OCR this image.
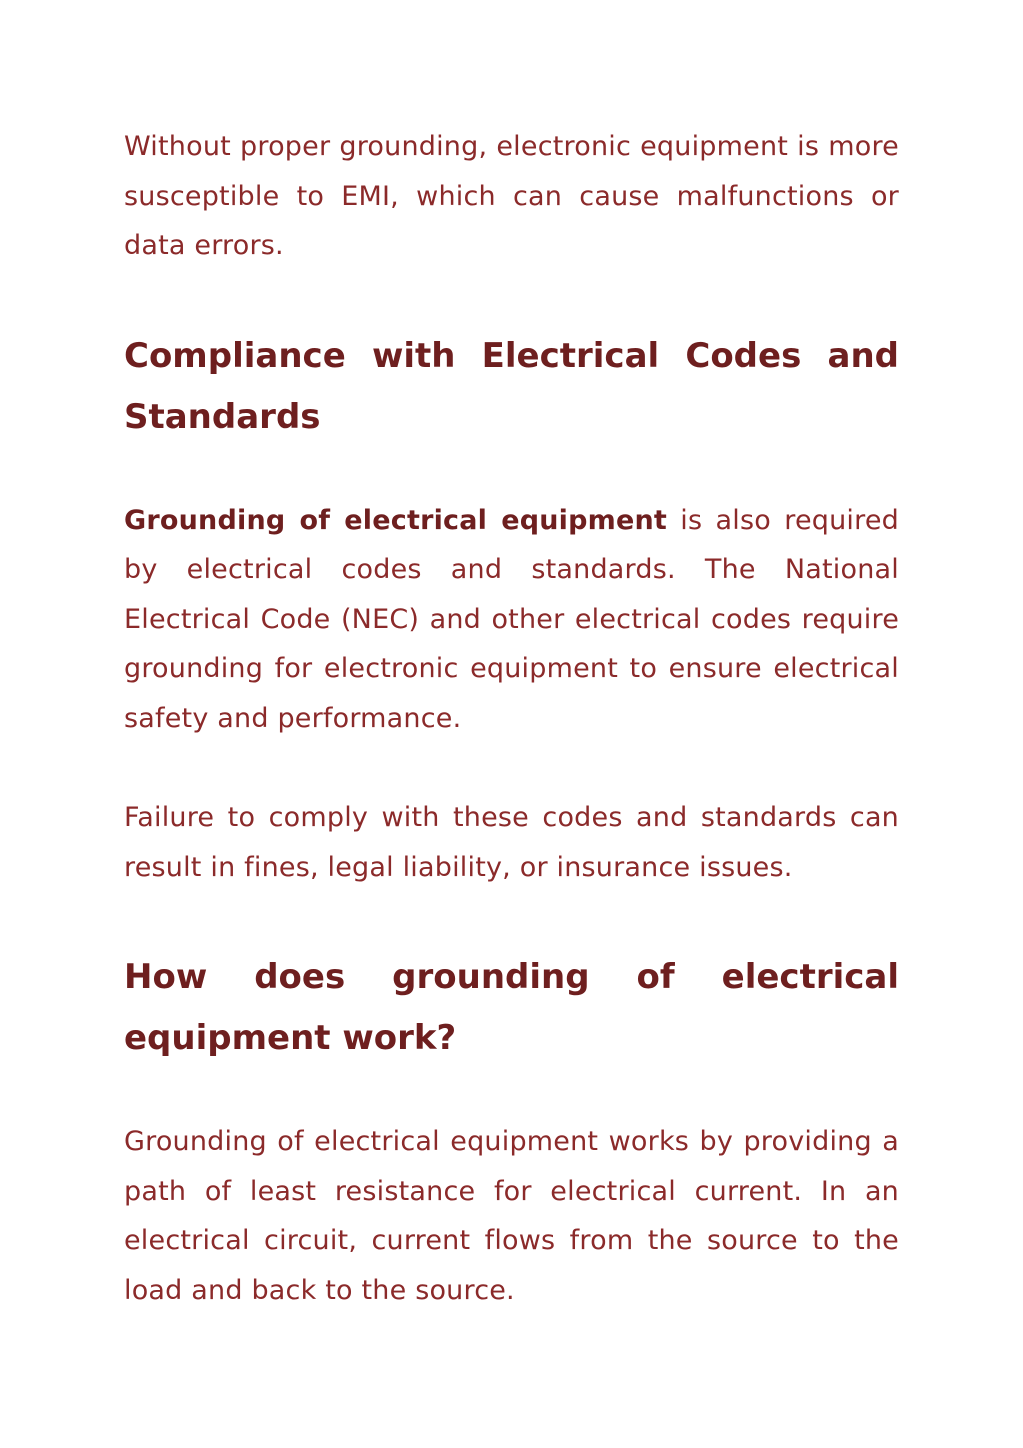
Without proper grounding, electronic equipment is more susceptible to EMI, which can cause malfunctions or data errors.

Compliance with Electrical Codes and Standards

Grounding of electrical equipment is also required by electrical codes and standards. The National Electrical Code (NEC) and other electrical codes require grounding for electronic equipment to ensure electrical safety and performance.

Failure to comply with these codes and standards can result in fines, legal liability, or insurance issues.

How does grounding of electrical equipment work?

Grounding of electrical equipment works by providing a path of least resistance for electrical current. In an electrical circuit, current flows from the source to the load and back to the source.
